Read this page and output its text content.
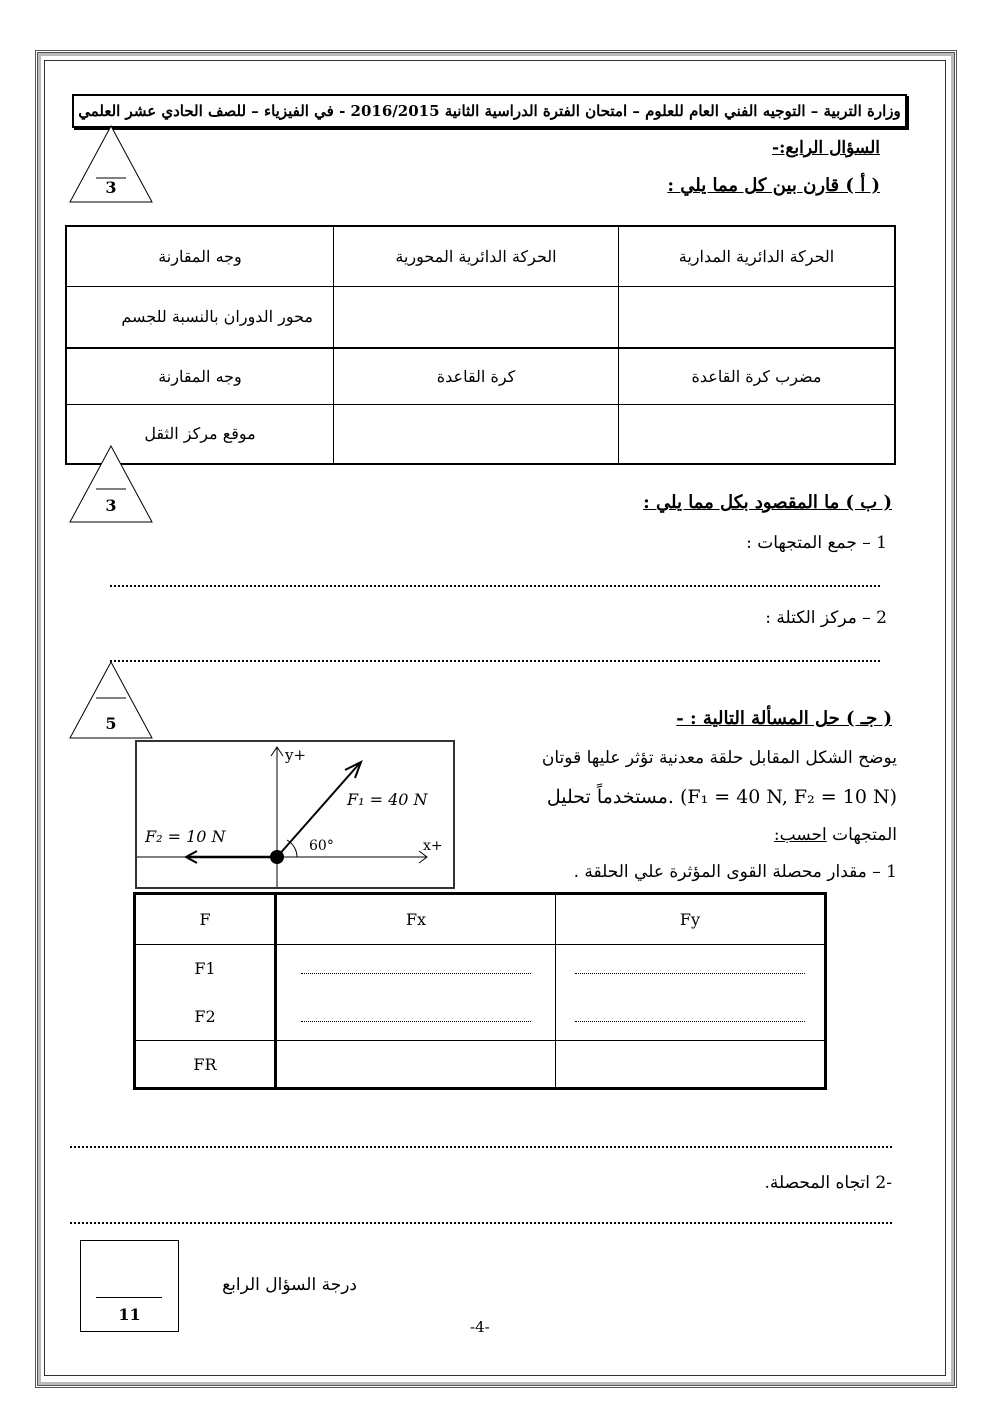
وزارة التربية – التوجيه الفني العام للعلوم – امتحان الفترة الدراسية الثانية 2016/2015 - في الفيزياء – للصف الحادي عشر العلمي
السؤال الرابع:-
( أ ) قارن بين كل مما يلي :
3
وجه المقارنة	الحركة الدائرية المحورية	الحركة الدائرية المدارية
محور الدوران بالنسبة للجسم		
وجه المقارنة	كرة القاعدة	مضرب كرة القاعدة
موقع مركز الثقل		
3	( ب ) ما المقصود بكل مما يلي :
1 – جمع المتجهات :
2 – مركز الكتلة :
5	( جـ ) حل المسألة التالية : -
يوضح الشكل المقابل حلقة معدنية تؤثر عليها قوتان
(F₁ = 40 N, F₂ = 10 N) .مستخدماً تحليل
المتجهات احسب:
1 – مقدار محصلة القوى المؤثرة علي الحلقة .
y+
x+
F₁ = 40 N
F₂ = 10 N	60°
F	Fx	Fy
F1		
F2		
FR		
-2 اتجاه المحصلة.
11
درجة السؤال الرابع
-4-
